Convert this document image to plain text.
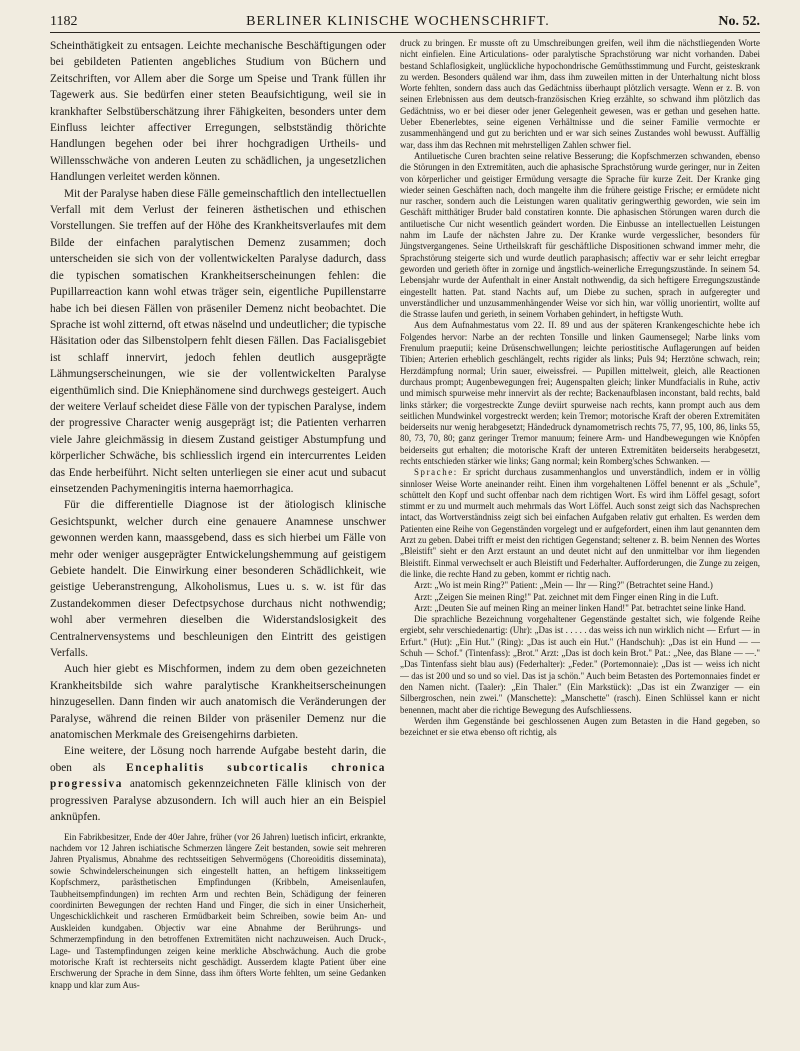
1182	BERLINER KLINISCHE WOCHENSCHRIFT.	No. 52.

Scheinthätigkeit zu entsagen. Leichte mechanische Beschäftigungen oder bei gebildeten Patienten angebliches Studium von Büchern und Zeitschriften, vor Allem aber die Sorge um Speise und Trank füllen ihr Tagewerk aus. Sie bedürfen einer steten Beaufsichtigung, weil sie in krankhafter Selbstüberschätzung ihrer Fähigkeiten, besonders unter dem Einfluss leichter affectiver Erregungen, selbstständig thörichte Handlungen begehen oder bei ihrer hochgradigen Urtheils- und Willensschwäche von anderen Leuten zu schädlichen, ja ungesetzlichen Handlungen verleitet werden können.

Mit der Paralyse haben diese Fälle gemeinschaftlich den intellectuellen Verfall mit dem Verlust der feineren ästhetischen und ethischen Vorstellungen. Sie treffen auf der Höhe des Krankheitsverlaufes mit dem Bilde der einfachen paralytischen Demenz zusammen; doch unterscheiden sie sich von der vollentwickelten Paralyse dadurch, dass die typischen somatischen Krankheitserscheinungen fehlen: die Pupillarreaction kann wohl etwas träger sein, eigentliche Pupillenstarre habe ich bei diesen Fällen von präseniler Demenz nicht beobachtet. Die Sprache ist wohl zitternd, oft etwas näselnd und undeutlicher; die typische Häsitation oder das Silbenstolpern fehlt diesen Fällen. Das Facialisgebiet ist schlaff innervirt, jedoch fehlen deutlich ausgeprägte Lähmungserscheinungen, wie sie der vollentwickelten Paralyse eigenthümlich sind. Die Kniephänomene sind durchwegs gesteigert. Auch der weitere Verlauf scheidet diese Fälle von der typischen Paralyse, indem der progressive Character wenig ausgeprägt ist; die Patienten verharren viele Jahre gleichmässig in diesem Zustand geistiger Abstumpfung und körperlicher Schwäche, bis schliesslich irgend ein intercurrentes Leiden das Ende herbeiführt. Nicht selten unterliegen sie einer acut und subacut einsetzenden Pachymeningitis interna haemorrhagica.

Für die differentielle Diagnose ist der ätiologisch klinische Gesichtspunkt, welcher durch eine genauere Anamnese unschwer gewonnen werden kann, maassgebend, dass es sich hierbei um Fälle von mehr oder weniger ausgeprägter Entwickelungshemmung auf geistigem Gebiete handelt. Die Einwirkung einer besonderen Schädlichkeit, wie geistige Ueberanstrengung, Alkoholismus, Lues u. s. w. ist für das Zustandekommen dieser Defectpsychose durchaus nicht nothwendig; wohl aber vermehren dieselben die Widerstandslosigkeit des Centralnervensystems und beschleunigen den Eintritt des geistigen Verfalls.

Auch hier giebt es Mischformen, indem zu dem oben gezeichneten Krankheitsbilde sich wahre paralytische Krankheitserscheinungen hinzugesellen. Dann finden wir auch anatomisch die Veränderungen der Paralyse, während die reinen Bilder von präseniler Demenz nur die anatomischen Merkmale des Greisengehirns darbieten.

Eine weitere, der Lösung noch harrende Aufgabe besteht darin, die oben als Encephalitis subcorticalis chronica progressiva anatomisch gekennzeichneten Fälle klinisch von der progressiven Paralyse abzusondern. Ich will auch hier an ein Beispiel anknüpfen.

Ein Fabrikbesitzer, Ende der 40er Jahre, früher (vor 26 Jahren) luetisch inficirt, erkrankte, nachdem vor 12 Jahren ischiatische Schmerzen längere Zeit bestanden, sowie seit mehreren Jahren Ptyalismus, Abnahme des rechtsseitigen Sehvermögens (Choreoiditis disseminata), sowie Schwindelerscheinungen sich eingestellt hatten, an heftigem linksseitigem Kopfschmerz, parästhetischen Empfindungen (Kribbeln, Ameisenlaufen, Taubheitsempfindungen) im rechten Arm und rechten Bein, Schädigung der feineren coordinirten Bewegungen der rechten Hand und Finger, die sich in einer Unsicherheit, Ungeschicklichkeit und rascheren Ermüdbarkeit beim Schreiben, sowie beim An- und Auskleiden kundgaben. Objectiv war eine Abnahme der Berührungs- und Schmerzempfindung in den betroffenen Extremitäten nicht nachzuweisen. Auch Druck-, Lage- und Tastempfindungen zeigen keine merkliche Abschwächung. Auch die grobe motorische Kraft ist rechterseits nicht geschädigt. Ausserdem klagte Patient über eine Erschwerung der Sprache in dem Sinne, dass ihm öfters Worte fehlten, um seine Gedanken knapp und klar zum Aus-

druck zu bringen. Er musste oft zu Umschreibungen greifen, weil ihm die nächstliegenden Worte nicht einfielen. Eine Articulations- oder paralytische Sprachstörung war nicht vorhanden. Dabei bestand Schlaflosigkeit, unglückliche hypochondrische Gemüthsstimmung und Furcht, geisteskrank zu werden. Besonders quälend war ihm, dass ihm zuweilen mitten in der Unterhaltung nicht bloss Worte fehlten, sondern dass auch das Gedächtniss überhaupt plötzlich versagte. Wenn er z. B. von seinen Erlebnissen aus dem deutsch-französischen Krieg erzählte, so schwand ihm plötzlich das Gedächtniss, wo er bei dieser oder jener Gelegenheit gewesen, was er gethan und gesehen hatte. Ueber Ebenerlebtes, seine eigenen Verhältnisse und die seiner Familie vermochte er zusammenhängend und gut zu berichten und er war sich seines Zustandes wohl bewusst. Auffällig war, dass ihm das Rechnen mit mehrstelligen Zahlen schwer fiel.

Antiluetische Curen brachten seine relative Besserung; die Kopfschmerzen schwanden, ebenso die Störungen in den Extremitäten, auch die aphasische Sprachstörung wurde geringer, nur in Zeiten von körperlicher und geistiger Ermüdung versagte die Sprache für kurze Zeit. Der Kranke ging wieder seinen Geschäften nach, doch mangelte ihm die frühere geistige Frische; er ermüdete nicht nur rascher, sondern auch die Leistungen waren qualitativ geringwerthig geworden, wie sein im Geschäft mitthätiger Bruder bald constatiren konnte. Die aphasischen Störungen waren durch die antiluetische Cur nicht wesentlich geändert worden. Die Einbusse an intellectuellen Leistungen nahm im Laufe der nächsten Jahre zu. Der Kranke wurde vergesslicher, besonders für Jüngstvergangenes. Seine Urtheilskraft für geschäftliche Dispositionen schwand immer mehr, die Sprachstörung steigerte sich und wurde deutlich paraphasisch; affectiv war er sehr leicht erregbar geworden und gerieth öfter in zornige und ängstlich-weinerliche Erregungszustände. In seinem 54. Lebensjahr wurde der Aufenthalt in einer Anstalt nothwendig, da sich heftigere Erregungszustände eingestellt hatten. Pat. stand Nachts auf, um Diebe zu suchen, sprach in aufgeregter und unverständlicher und unzusammenhängender Weise vor sich hin, war völlig unorientirt, wollte auf die Strasse laufen und gerieth, in seinem Vorhaben gehindert, in heftigste Wuth.

Aus dem Aufnahmestatus vom 22. II. 89 und aus der späteren Krankengeschichte hebe ich Folgendes hervor: Narbe an der rechten Tonsille und linken Gaumensegel; Narbe links vom Frenulum praeputii; keine Drüsenschwellungen; leichte periostitische Auflagerungen auf beiden Tibien; Arterien erheblich geschlängelt, rechts rigider als links; Puls 94; Herztöne schwach, rein; Herzdämpfung normal; Urin sauer, eiweissfrei. — Pupillen mittelweit, gleich, alle Reactionen durchaus prompt; Augenbewegungen frei; Augenspalten gleich; linker Mundfacialis in Ruhe, activ und mimisch spurweise mehr innervirt als der rechte; Backenaufblasen inconstant, bald rechts, bald links stärker; die vorgestreckte Zunge deviirt spurweise nach rechts, kann prompt auch aus dem seitlichen Mundwinkel vorgestreckt werden; kein Tremor; motorische Kraft der oberen Extremitäten beiderseits nur wenig herabgesetzt; Händedruck dynamometrisch rechts 75, 77, 95, 100, 86, links 55, 80, 73, 70, 80; ganz geringer Tremor manuum; feinere Arm- und Handbewegungen wie Knöpfen beiderseits gut erhalten; die motorische Kraft der unteren Extremitäten beiderseits herabgesetzt, rechts entschieden stärker wie links; Gang normal; kein Romberg'sches Schwanken. —

Sprache: Er spricht durchaus zusammenhanglos und unverständlich, indem er in völlig sinnloser Weise Worte aneinander reiht. Einen ihm vorgehaltenen Löffel benennt er als „Schule", schüttelt den Kopf und sucht offenbar nach dem richtigen Wort. Es wird ihm Löffel gesagt, sofort stimmt er zu und murmelt auch mehrmals das Wort Löffel. Auch sonst zeigt sich das Nachsprechen intact, das Wortverständniss zeigt sich bei einfachen Aufgaben relativ gut erhalten. Es werden dem Patienten eine Reihe von Gegenständen vorgelegt und er aufgefordert, einen ihm laut genannten dem Arzt zu geben. Dabei trifft er meist den richtigen Gegenstand; seltener z. B. beim Nennen des Wortes „Bleistift" sieht er den Arzt erstaunt an und deutet nicht auf den unmittelbar vor ihm liegenden Bleistift. Einmal verwechselt er auch Bleistift und Federhalter. Aufforderungen, die Zunge zu zeigen, die linke, die rechte Hand zu geben, kommt er richtig nach.

Arzt: „Wo ist mein Ring?" Patient: „Mein — Ihr — Ring?" (Betrachtet seine Hand.)

Arzt: „Zeigen Sie meinen Ring!" Pat. zeichnet mit dem Finger einen Ring in die Luft.

Arzt: „Deuten Sie auf meinen Ring an meiner linken Hand!" Pat. betrachtet seine linke Hand.

Die sprachliche Bezeichnung vorgehaltener Gegenstände gestaltet sich, wie folgende Reihe ergiebt, sehr verschiedenartig: (Uhr): „Das ist . . . . . das weiss ich nun wirklich nicht — Erfurt — in Erfurt." (Hut): „Ein Hut." (Ring): „Das ist auch ein Hut." (Handschuh): „Das ist ein Hund — — Schuh — Schof." (Tintenfass): „Brot." Arzt: „Das ist doch kein Brot." Pat.: „Nee, das Blane — —." „Das Tintenfass sieht blau aus) (Federhalter): „Feder." (Portemonnaie): „Das ist — weiss ich nicht — das ist 200 und so und so viel. Das ist ja schön." Auch beim Betasten des Portemonnaies findet er den Namen nicht. (Taaler): „Ein Thaler." (Ein Markstück): „Das ist ein Zwanziger — ein Silbergroschen, nein zwei." (Manschette): „Manschette" (rasch). Einen Schlüssel kann er nicht benennen, macht aber die richtige Bewegung des Aufschliessens.

Werden ihm Gegenstände bei geschlossenen Augen zum Betasten in die Hand gegeben, so bezeichnet er sie etwa ebenso oft richtig, als
